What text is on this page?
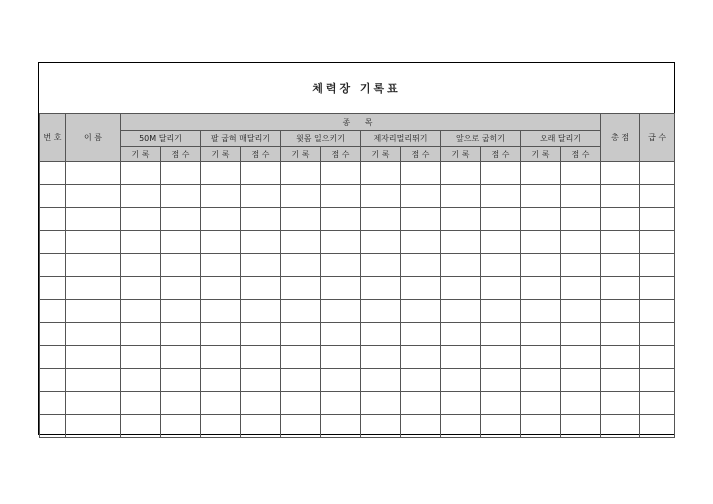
체력장 기록표
번 호	이 름	종 목												총 점	급 수
		50M 달리기		팔 굽혀 매달리기		윗몸 일으키기		제자리멀리뛰기		앞으로 굽히기		오래 달리기			
		기 록	점 수	기 록	점 수	기 록	점 수	기 록	점 수	기 록	점 수	기 록	점 수		
